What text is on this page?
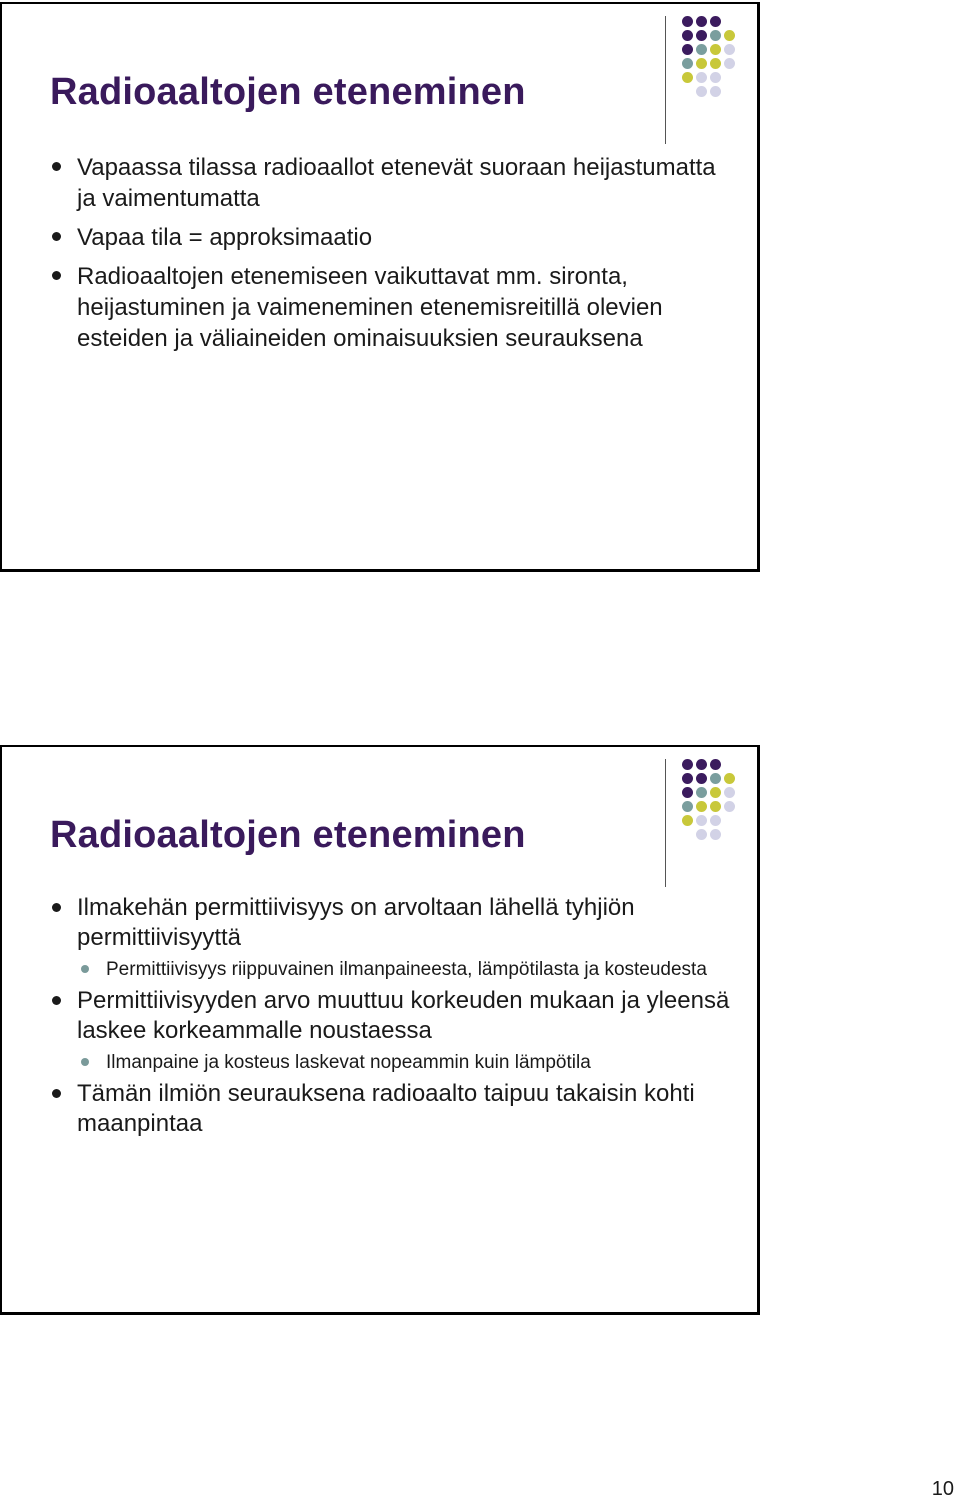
Radioaaltojen eteneminen
Vapaassa tilassa radioaallot etenevät suoraan heijastumatta ja vaimentumatta
Vapaa tila = approksimaatio
Radioaaltojen etenemiseen vaikuttavat mm. sironta, heijastuminen ja vaimeneminen etenemisreitillä olevien esteiden ja väliaineiden ominaisuuksien seurauksena
Radioaaltojen eteneminen
Ilmakehän permittiivisyys on arvoltaan lähellä tyhjiön permittiivisyyttä
Permittiivisyys riippuvainen ilmanpaineesta, lämpötilasta ja kosteudesta
Permittiivisyyden arvo muuttuu korkeuden mukaan ja yleensä laskee korkeammalle noustaessa
Ilmanpaine ja kosteus laskevat nopeammin kuin lämpötila
Tämän ilmiön seurauksena radioaalto taipuu takaisin kohti maanpintaa
10
